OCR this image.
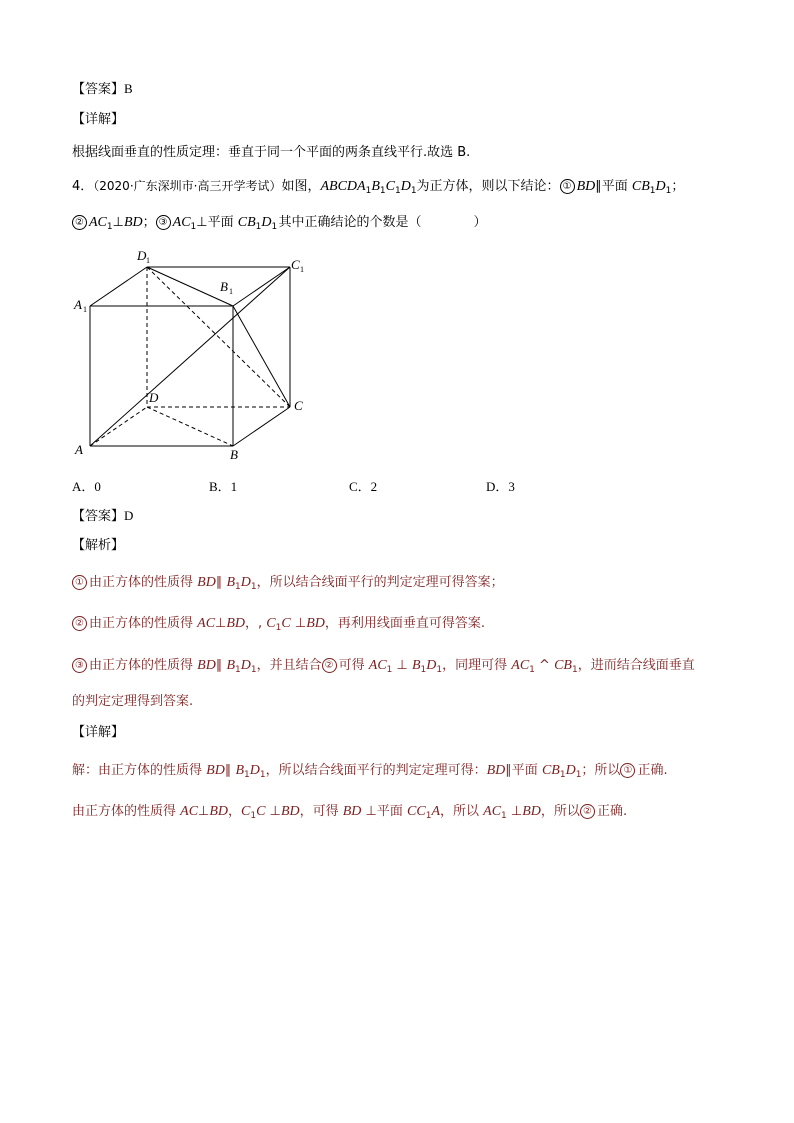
【答案】B
【详解】
根据线面垂直的性质定理：垂直于同一个平面的两条直线平行.故选 B.
4．（2020·广东深圳市·高三开学考试）如图，$ABCDA_1B_1C_1D_1$为正方体，则以下结论： ① BD∥平面 $CB_1D_1$；
② $AC_1\perp BD$； ③ $AC_1\perp$平面 $CB_1D_1$ 其中正确结论的个数是（　　　　）
A	B
C
D
A 1
B 1
C 1
D 1
A．0	B．1	C．2	D．3
【答案】D
【解析】
① 由正方体的性质得 BD∥ $B_1D_1$，所以结合线面平行的判定定理可得答案；
② 由正方体的性质得 AC⊥BD，, $C_1C$ ⊥BD，再利用线面垂直可得答案.
③ 由正方体的性质得 BD∥ $B_1D_1$，并且结合 ② 可得 $AC_1$ ⊥ $B_1D_1$，同理可得 $AC_1$ ^ $CB_1$，进而结合线面垂直
的判定定理得到答案.
【详解】
解：由正方体的性质得 BD∥ $B_1D_1$，所以结合线面平行的判定定理可得：BD∥平面 $CB_1D_1$；所以 ① 正确.
由正方体的性质得 AC⊥BD，$C_1C$ ⊥BD，可得 BD ⊥平面 $CC_1A$，所以 $AC_1$ ⊥BD，所以 ② 正确.
